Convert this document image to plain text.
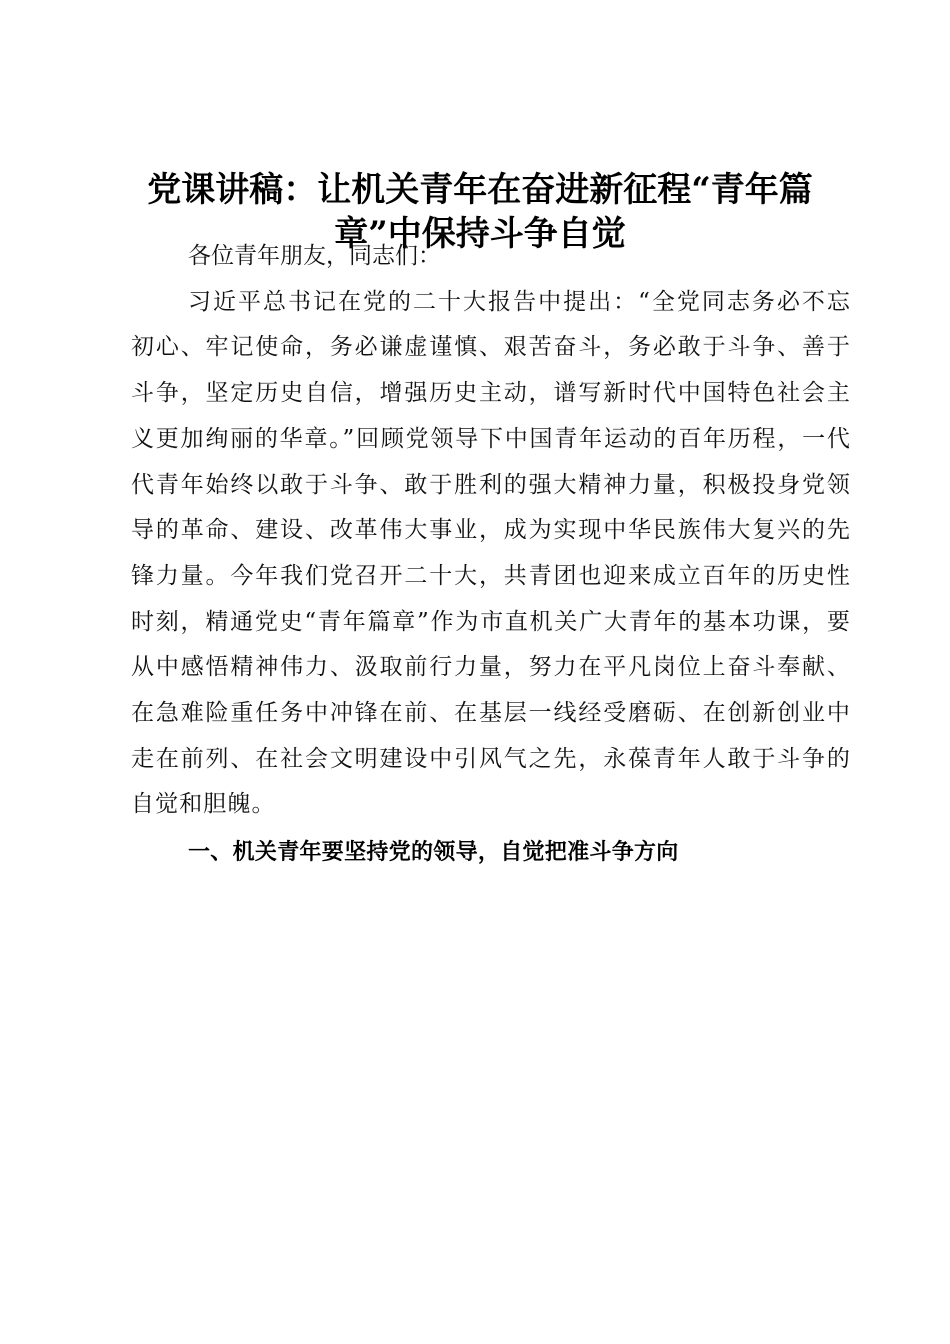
党课讲稿：让机关青年在奋进新征程“青年篇
章”中保持斗争自觉

各位青年朋友，同志们：

习近平总书记在党的二十大报告中提出：“全党同志务必不忘初心、牢记使命，务必谦虚谨慎、艰苦奋斗，务必敢于斗争、善于斗争，坚定历史自信，增强历史主动，谱写新时代中国特色社会主义更加绚丽的华章。”回顾党领导下中国青年运动的百年历程，一代代青年始终以敢于斗争、敢于胜利的强大精神力量，积极投身党领导的革命、建设、改革伟大事业，成为实现中华民族伟大复兴的先锋力量。今年我们党召开二十大，共青团也迎来成立百年的历史性时刻，精通党史“青年篇章”作为市直机关广大青年的基本功课，要从中感悟精神伟力、汲取前行力量，努力在平凡岗位上奋斗奉献、在急难险重任务中冲锋在前、在基层一线经受磨砺、在创新创业中走在前列、在社会文明建设中引风气之先，永葆青年人敢于斗争的自觉和胆魄。

一、机关青年要坚持党的领导，自觉把准斗争方向
